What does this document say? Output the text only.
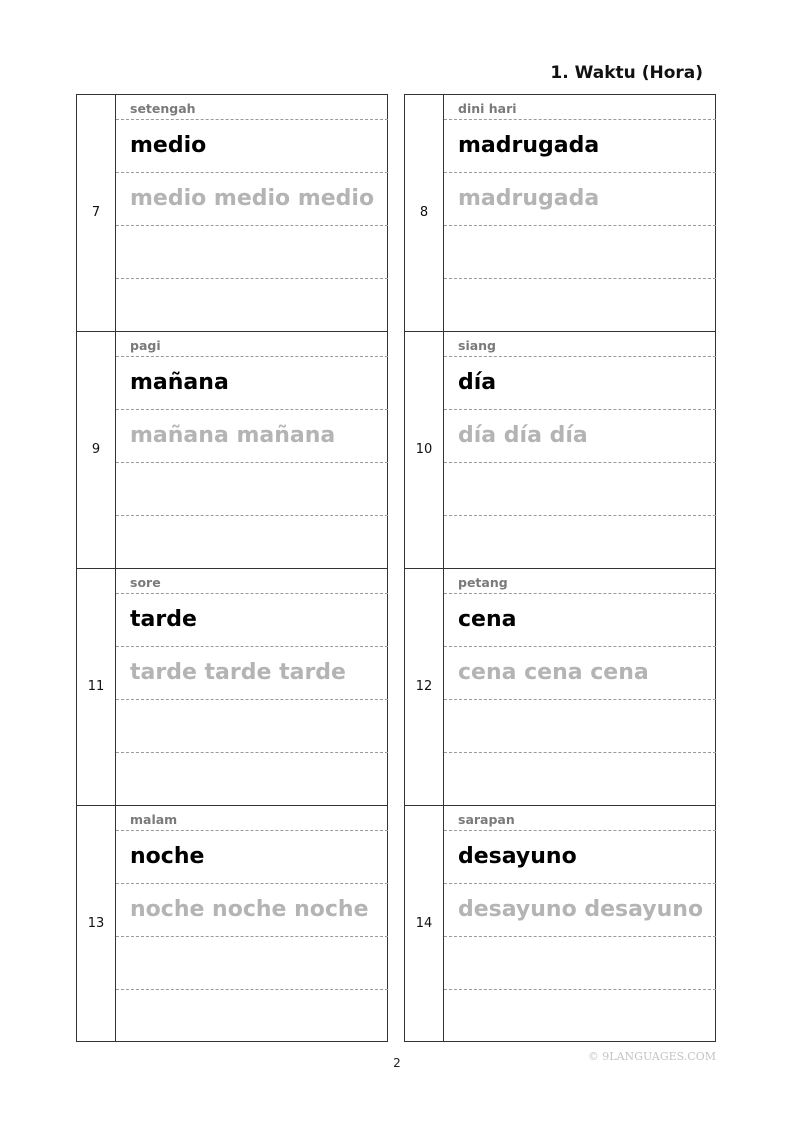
1. Waktu (Hora)
7
setengah
medio
medio medio medio
8
dini hari
madrugada
madrugada
9
pagi
mañana
mañana mañana
10
siang
día
día día día
11
sore
tarde
tarde tarde tarde
12
petang
cena
cena cena cena
13
malam
noche
noche noche noche
14
sarapan
desayuno
desayuno desayuno
2	© 9LANGUAGES.COM
